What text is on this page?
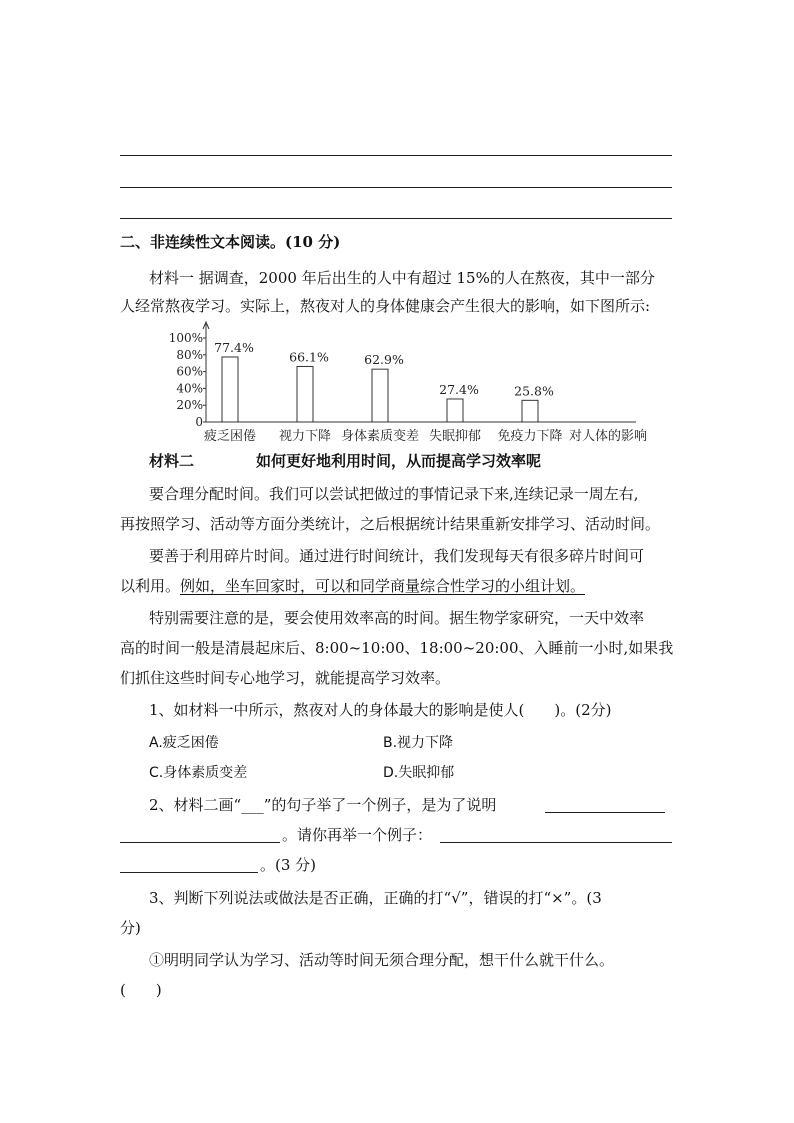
二、非连续性文本阅读。(10 分)
材料一 据调查，2000 年后出生的人中有超过 15%的人在熬夜，其中一部分
人经常熬夜学习。实际上，熬夜对人的身体健康会产生很大的影响，如下图所示:
100%
80%
60%
40%
20%
0
77.4%
疲乏困倦
66.1%
视力下降
62.9%
身体素质变差
27.4%
失眠抑郁
25.8%
免疫力下降 对人体的影响
材料二	如何更好地利用时间，从而提高学习效率呢
要合理分配时间。我们可以尝试把做过的事情记录下来,连续记录一周左右,
再按照学习、活动等方面分类统计，之后根据统计结果重新安排学习、活动时间。
要善于利用碎片时间。通过进行时间统计，我们发现每天有很多碎片时间可
以利用。例如，坐车回家时，可以和同学商量综合性学习的小组计划。
特别需要注意的是，要会使用效率高的时间。据生物学家研究，一天中效率
高的时间一般是清晨起床后、8:00~10:00、18:00~20:00、入睡前一小时,如果我
们抓住这些时间专心地学习，就能提高学习效率。
1、如材料一中所示，熬夜对人的身体最大的影响是使人(　　)。(2分)
A.疲乏困倦	B.视力下降
C.身体素质变差	D.失眠抑郁
2、材料二画“___”的句子举了一个例子，是为了说明
。请你再举一个例子：
。(3 分)
3、判断下列说法或做法是否正确，正确的打“√”，错误的打“×”。(3
分)
①明明同学认为学习、活动等时间无须合理分配，想干什么就干什么。
(　　)
